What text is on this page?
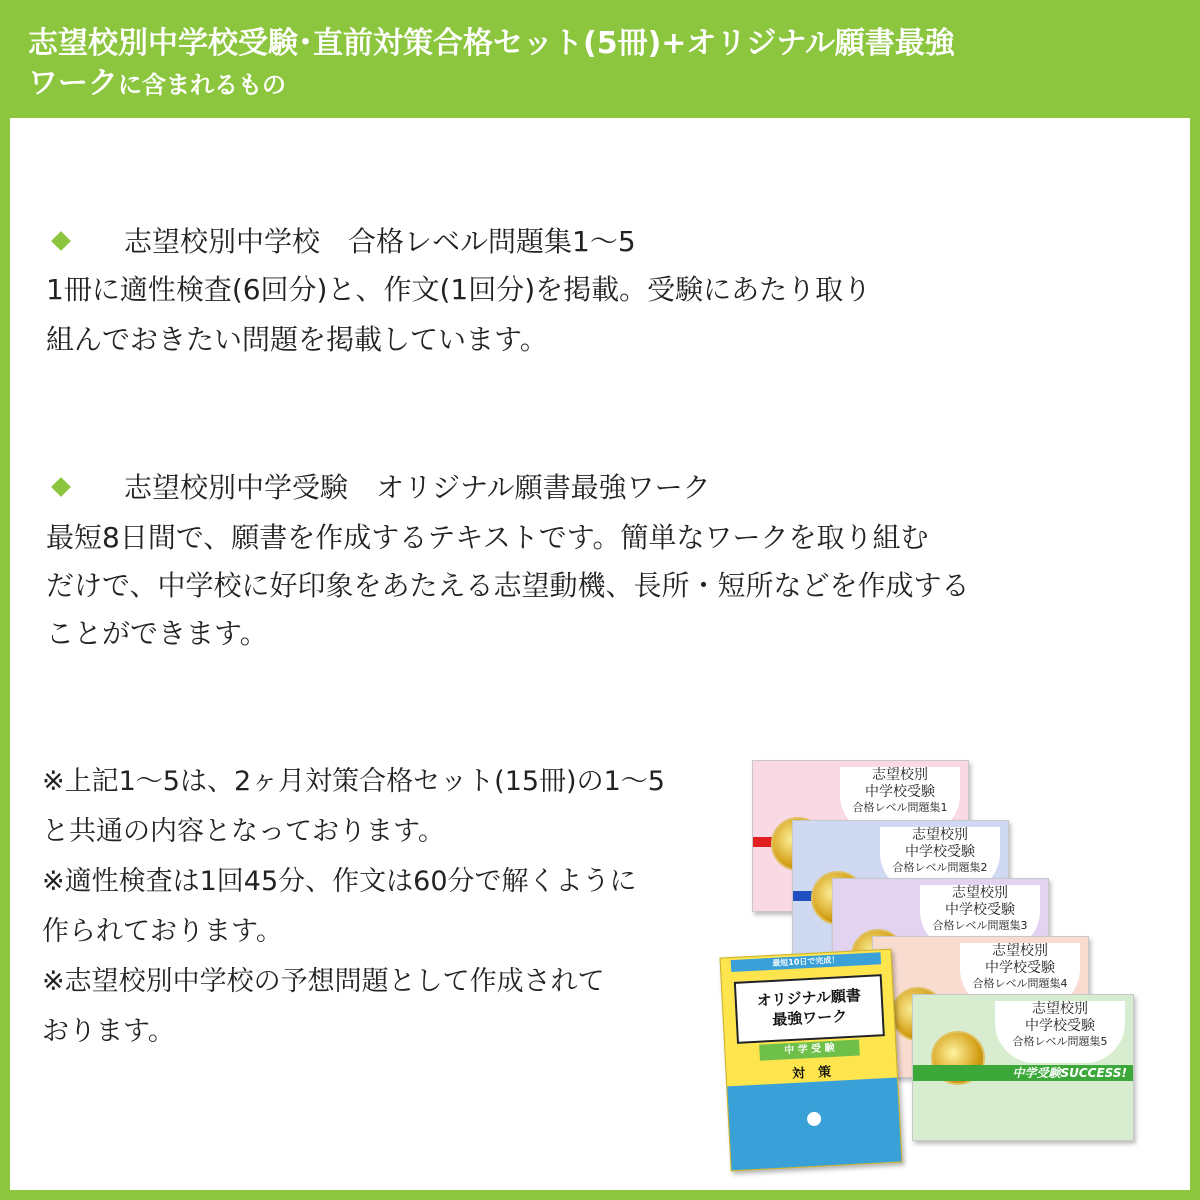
志望校別中学校受験･直前対策合格セット(5冊)+オリジナル願書最強
ワークに含まれるもの
志望校別中学校　合格レベル問題集1～5
1冊に適性検査(6回分)と、作文(1回分)を掲載。受験にあたり取り
組んでおきたい問題を掲載しています。
志望校別中学受験　オリジナル願書最強ワーク
最短8日間で、願書を作成するテキストです。簡単なワークを取り組む
だけで、中学校に好印象をあたえる志望動機、長所・短所などを作成する
ことができます。
※上記1～5は、2ヶ月対策合格セット(15冊)の1～5
と共通の内容となっております。
※適性検査は1回45分、作文は60分で解くように
作られております。
※志望校別中学校の予想問題として作成されて
おります。
志望校別
中学校受験
合格レベル問題集1
志望校別
中学校受験
合格レベル問題集2
志望校別
中学校受験
合格レベル問題集3
志望校別
中学校受験
合格レベル問題集4
中学受験SUCCESS!
志望校別
中学校受験
合格レベル問題集5
最短10日で完成！
オリジナル願書
最強ワーク
中 学 受 験
対　策
